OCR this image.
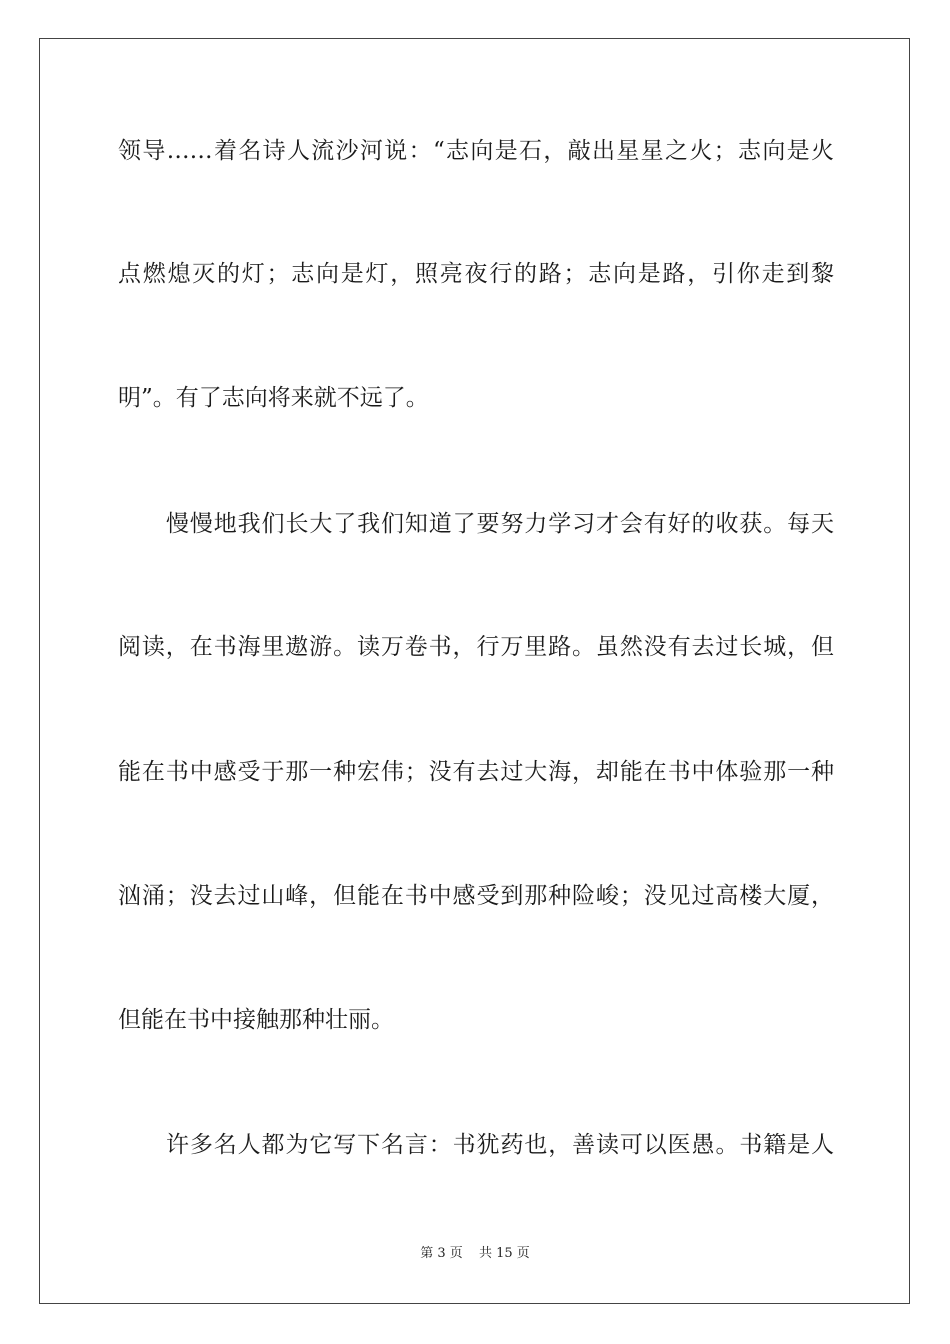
领导……着名诗人流沙河说：“志向是石，敲出星星之火；志向是火
点燃熄灭的灯；志向是灯，照亮夜行的路；志向是路，引你走到黎
明”。有了志向将来就不远了。
慢慢地我们长大了我们知道了要努力学习才会有好的收获。每天
阅读，在书海里遨游。读万卷书，行万里路。虽然没有去过长城，但
能在书中感受于那一种宏伟；没有去过大海，却能在书中体验那一种
汹涌；没去过山峰，但能在书中感受到那种险峻；没见过高楼大厦，
但能在书中接触那种壮丽。
许多名人都为它写下名言：书犹药也，善读可以医愚。书籍是人
第 3 页 共 15 页
